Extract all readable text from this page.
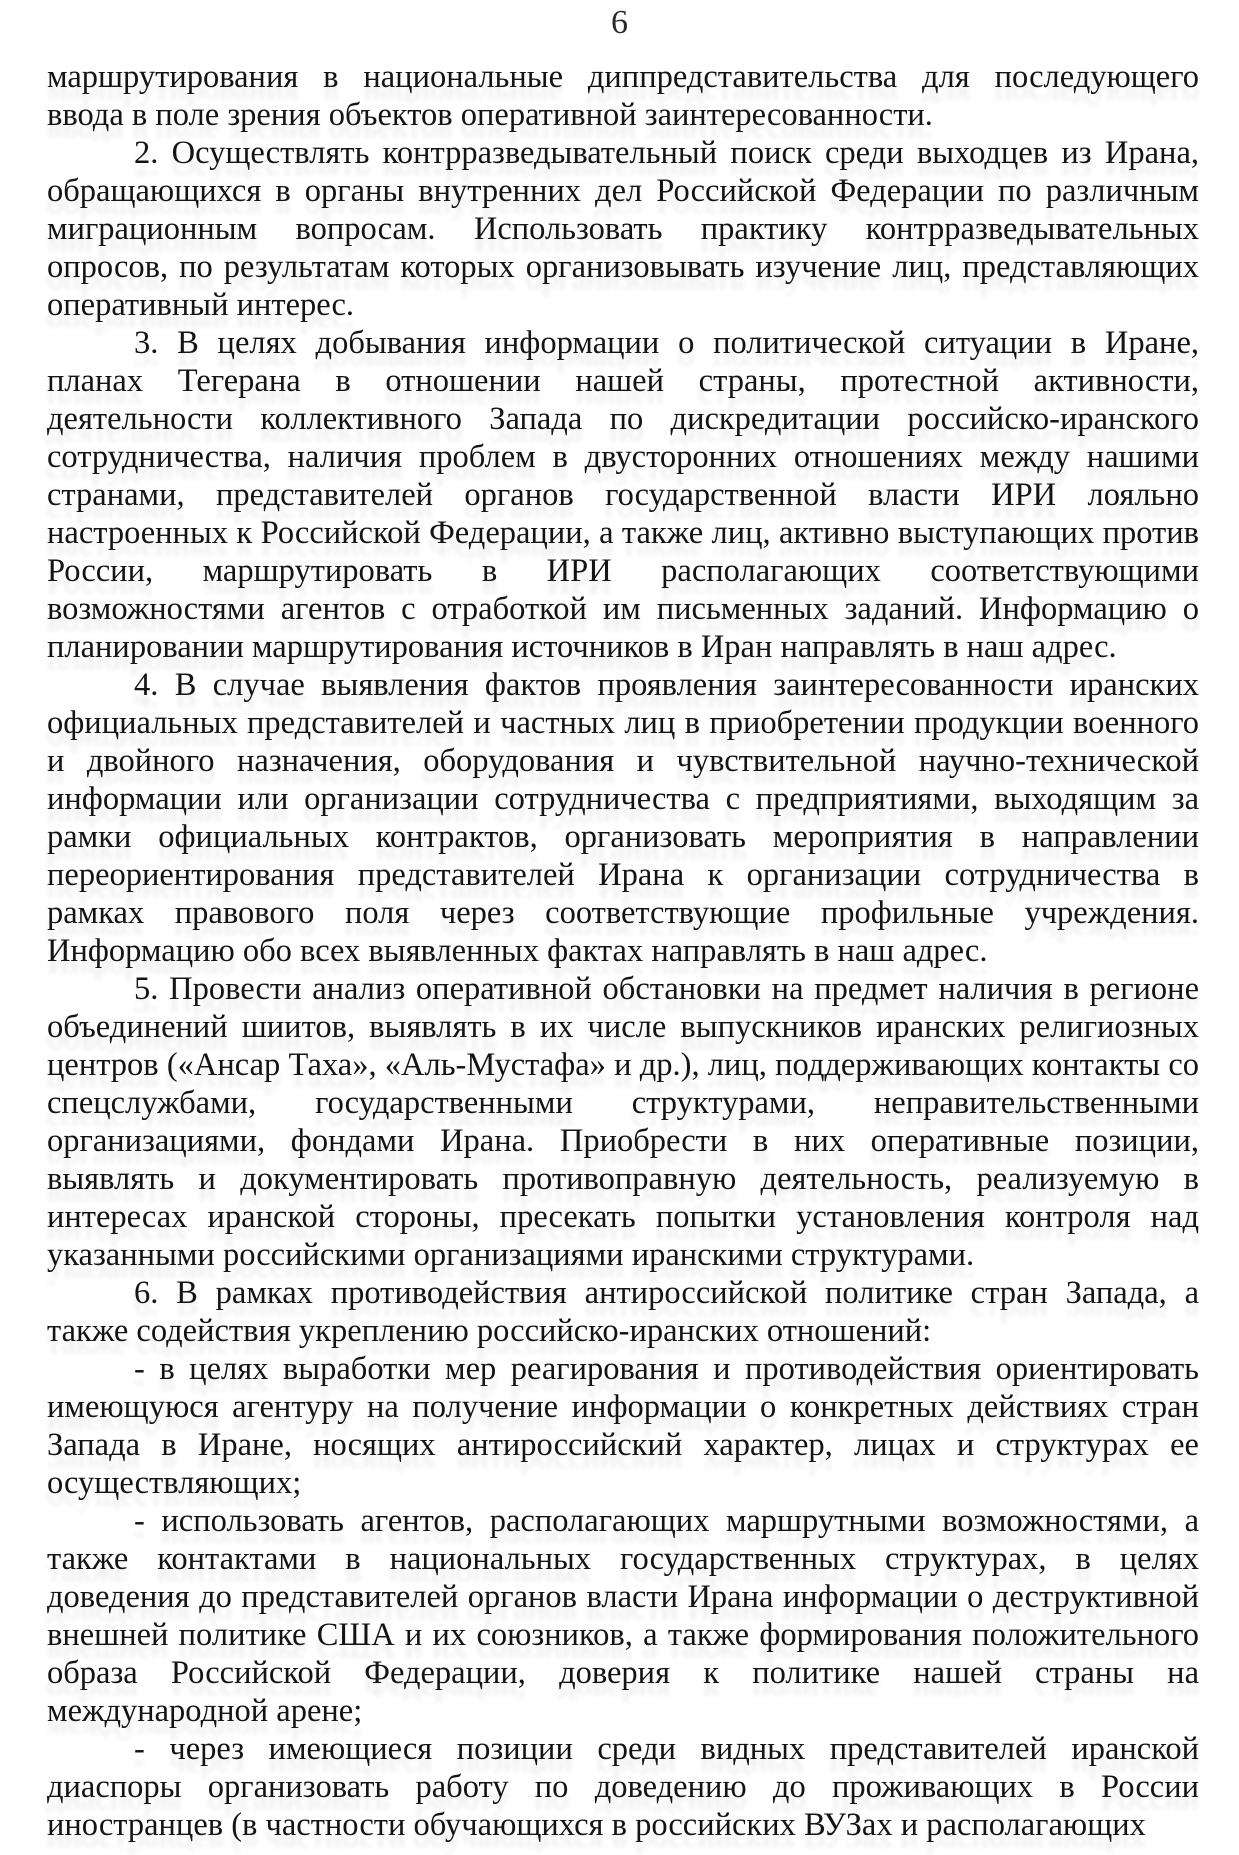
6

маршрутирования в национальные диппредставительства для последующего ввода в поле зрения объектов оперативной заинтересованности.

2. Осуществлять контрразведывательный поиск среди выходцев из Ирана, обращающихся в органы внутренних дел Российской Федерации по различным миграционным вопросам. Использовать практику контрразведывательных опросов, по результатам которых организовывать изучение лиц, представляющих оперативный интерес.

3. В целях добывания информации о политической ситуации в Иране, планах Тегерана в отношении нашей страны, протестной активности, деятельности коллективного Запада по дискредитации российско-иранского сотрудничества, наличия проблем в двусторонних отношениях между нашими странами, представителей органов государственной власти ИРИ лояльно настроенных к Российской Федерации, а также лиц, активно выступающих против России, маршрутировать в ИРИ располагающих соответствующими возможностями агентов с отработкой им письменных заданий. Информацию о планировании маршрутирования источников в Иран направлять в наш адрес.

4. В случае выявления фактов проявления заинтересованности иранских официальных представителей и частных лиц в приобретении продукции военного и двойного назначения, оборудования и чувствительной научно-технической информации или организации сотрудничества с предприятиями, выходящим за рамки официальных контрактов, организовать мероприятия в направлении переориентирования представителей Ирана к организации сотрудничества в рамках правового поля через соответствующие профильные учреждения. Информацию обо всех выявленных фактах направлять в наш адрес.

5. Провести анализ оперативной обстановки на предмет наличия в регионе объединений шиитов, выявлять в их числе выпускников иранских религиозных центров («Ансар Таха», «Аль-Мустафа» и др.), лиц, поддерживающих контакты со спецслужбами, государственными структурами, неправительственными организациями, фондами Ирана. Приобрести в них оперативные позиции, выявлять и документировать противоправную деятельность, реализуемую в интересах иранской стороны, пресекать попытки установления контроля над указанными российскими организациями иранскими структурами.

6. В рамках противодействия антироссийской политике стран Запада, а также содействия укреплению российско-иранских отношений:

- в целях выработки мер реагирования и противодействия ориентировать имеющуюся агентуру на получение информации о конкретных действиях стран Запада в Иране, носящих антироссийский характер, лицах и структурах ее осуществляющих;

- использовать агентов, располагающих маршрутными возможностями, а также контактами в национальных государственных структурах, в целях доведения до представителей органов власти Ирана информации о деструктивной внешней политике США и их союзников, а также формирования положительного образа Российской Федерации, доверия к политике нашей страны на международной арене;

- через имеющиеся позиции среди видных представителей иранской диаспоры организовать работу по доведению до проживающих в России иностранцев (в частности обучающихся в российских ВУЗах и располагающих
